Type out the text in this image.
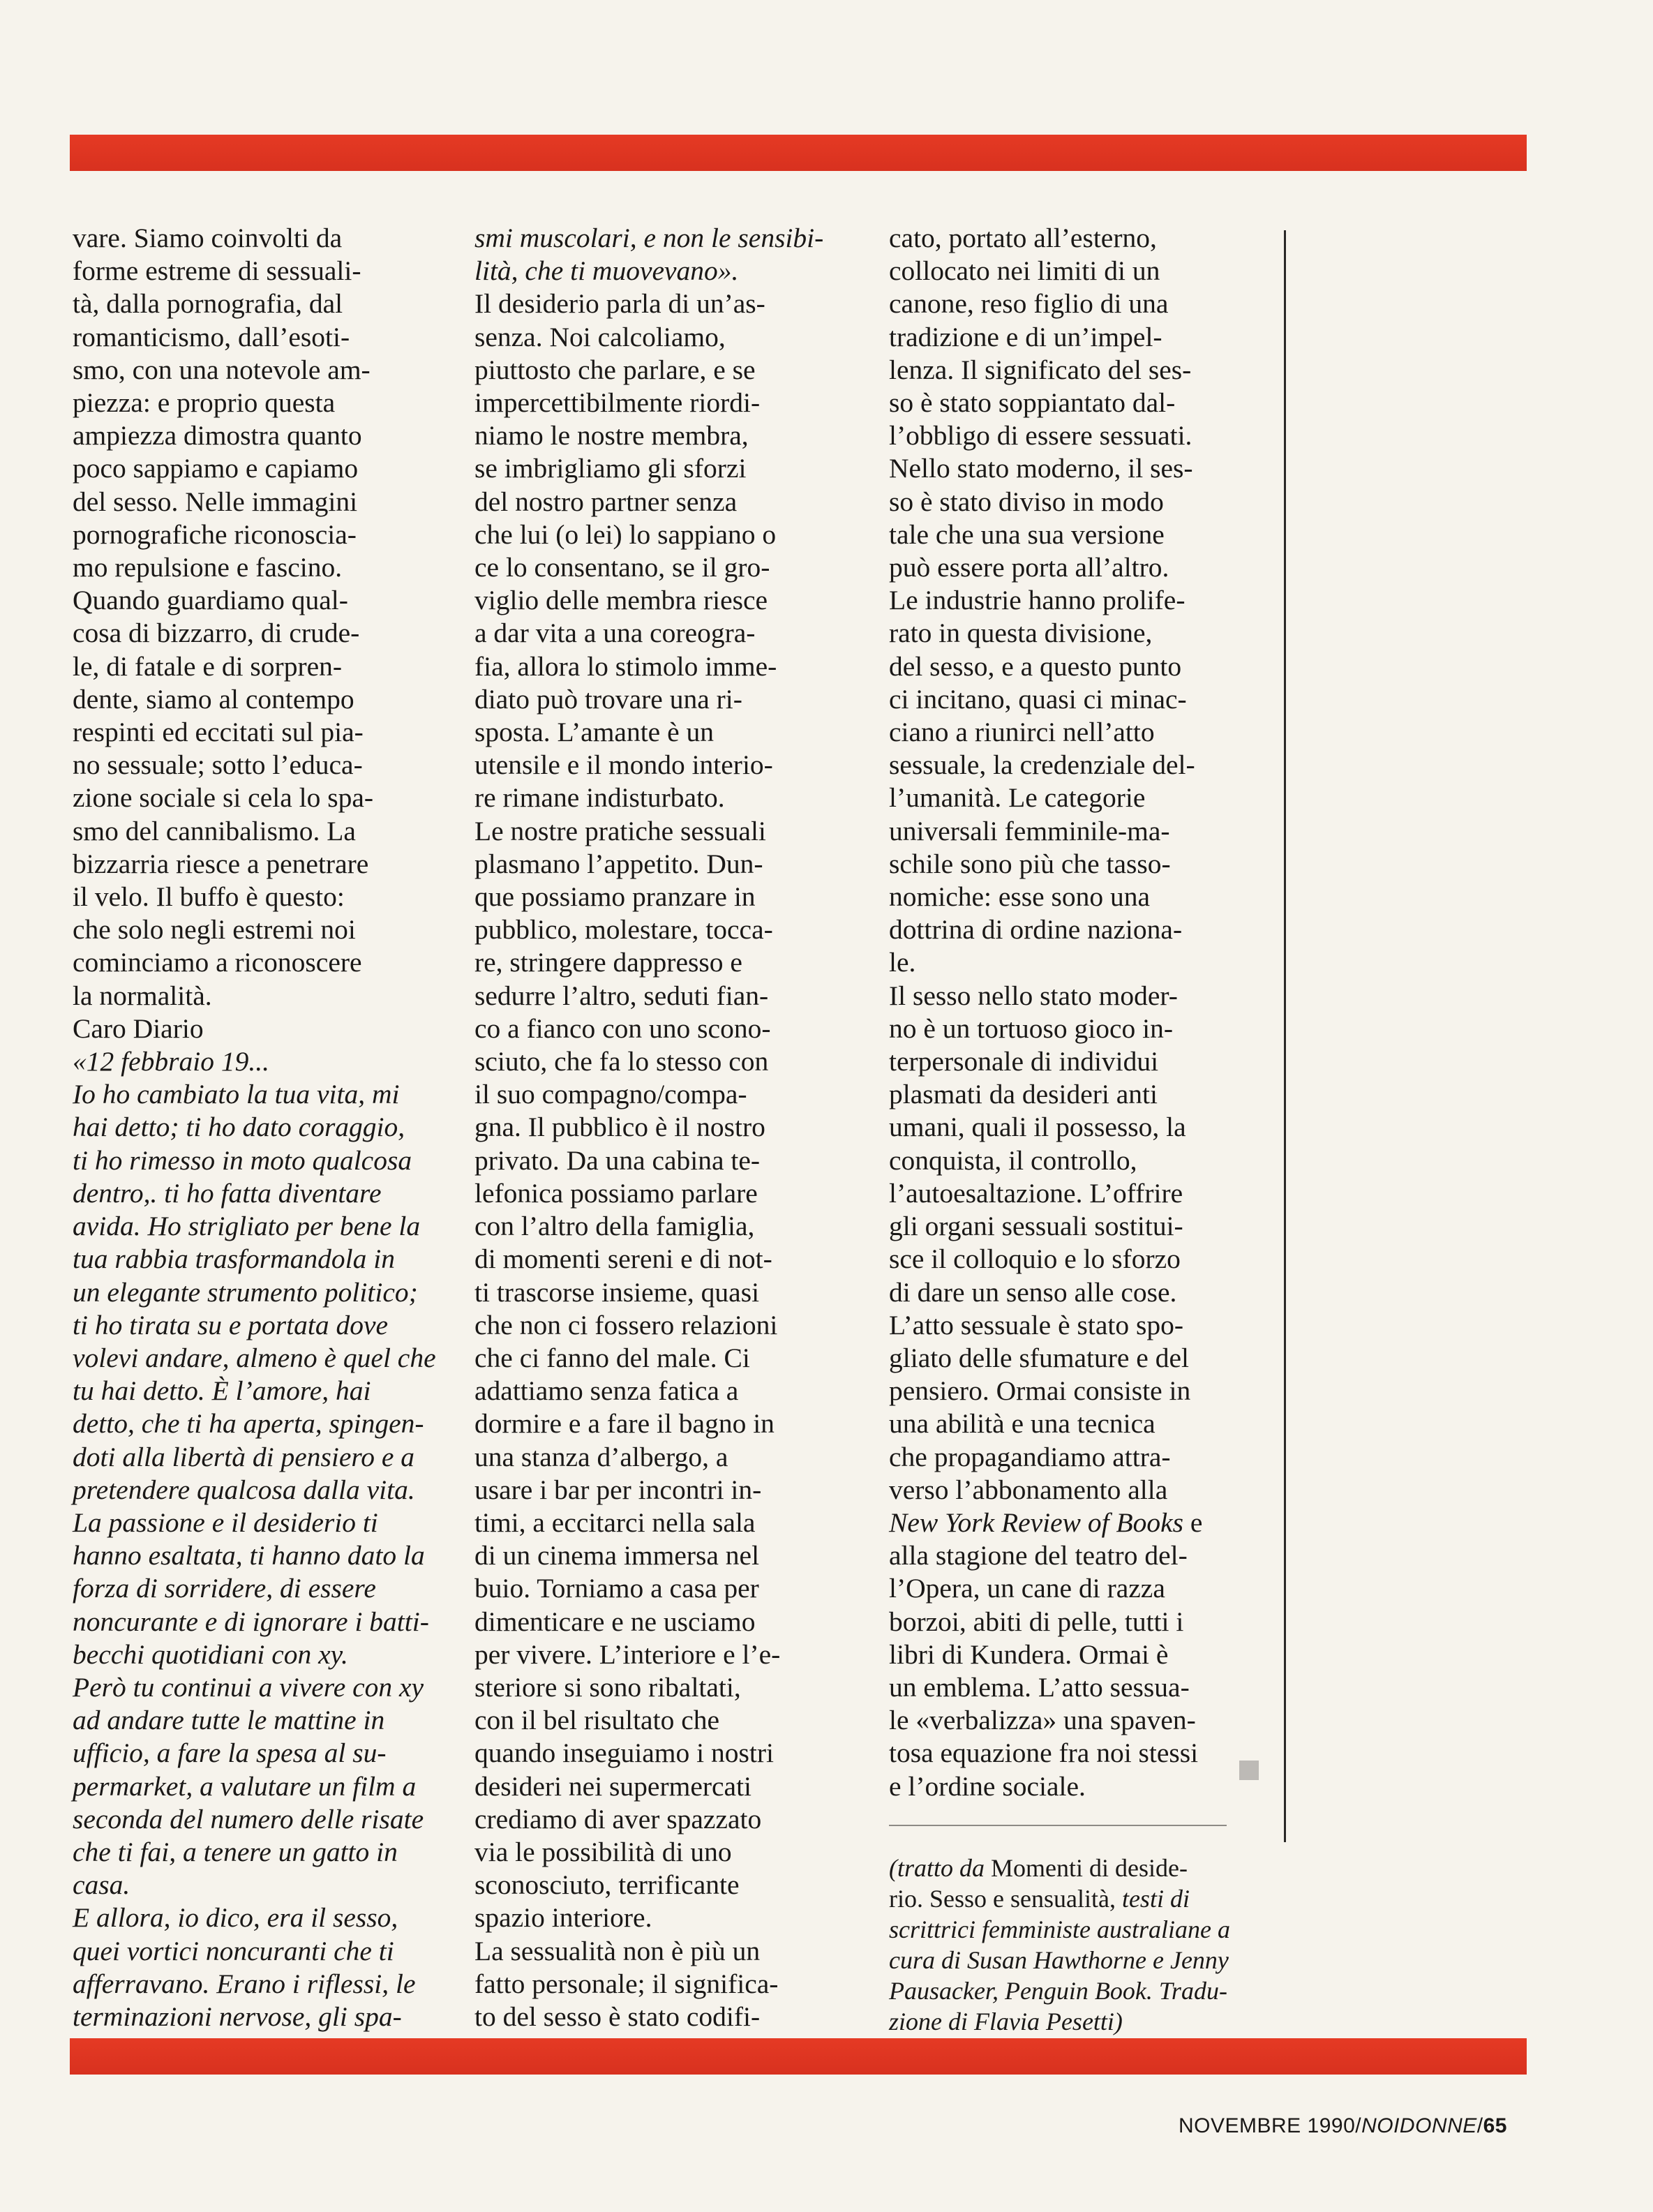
vare. Siamo coinvolti da
forme estreme di sessuali-
tà, dalla pornografia, dal
romanticismo, dall’esoti-
smo, con una notevole am-
piezza: e proprio questa
ampiezza dimostra quanto
poco sappiamo e capiamo
del sesso. Nelle immagini
pornografiche riconoscia-
mo repulsione e fascino.
Quando guardiamo qual-
cosa di bizzarro, di crude-
le, di fatale e di sorpren-
dente, siamo al contempo
respinti ed eccitati sul pia-
no sessuale; sotto l’educa-
zione sociale si cela lo spa-
smo del cannibalismo. La
bizzarria riesce a penetrare
il velo. Il buffo è questo:
che solo negli estremi noi
cominciamo a riconoscere
la normalità.
Caro Diario
«12 febbraio 19...
Io ho cambiato la tua vita, mi
hai detto; ti ho dato coraggio,
ti ho rimesso in moto qualcosa
dentro,. ti ho fatta diventare
avida. Ho strigliato per bene la
tua rabbia trasformandola in
un elegante strumento politico;
ti ho tirata su e portata dove
volevi andare, almeno è quel che
tu hai detto. È l’amore, hai
detto, che ti ha aperta, spingen-
doti alla libertà di pensiero e a
pretendere qualcosa dalla vita.
La passione e il desiderio ti
hanno esaltata, ti hanno dato la
forza di sorridere, di essere
noncurante e di ignorare i batti-
becchi quotidiani con xy.
Però tu continui a vivere con xy
ad andare tutte le mattine in
ufficio, a fare la spesa al su-
permarket, a valutare un film a
seconda del numero delle risate
che ti fai, a tenere un gatto in
casa.
E allora, io dico, era il sesso,
quei vortici noncuranti che ti
afferravano. Erano i riflessi, le
terminazioni nervose, gli spa-
smi muscolari, e non le sensibi-
lità, che ti muovevano».
Il desiderio parla di un’as-
senza. Noi calcoliamo,
piuttosto che parlare, e se
impercettibilmente riordi-
niamo le nostre membra,
se imbrigliamo gli sforzi
del nostro partner senza
che lui (o lei) lo sappiano o
ce lo consentano, se il gro-
viglio delle membra riesce
a dar vita a una coreogra-
fia, allora lo stimolo imme-
diato può trovare una ri-
sposta. L’amante è un
utensile e il mondo interio-
re rimane indisturbato.
Le nostre pratiche sessuali
plasmano l’appetito. Dun-
que possiamo pranzare in
pubblico, molestare, tocca-
re, stringere dappresso e
sedurre l’altro, seduti fian-
co a fianco con uno scono-
sciuto, che fa lo stesso con
il suo compagno/compa-
gna. Il pubblico è il nostro
privato. Da una cabina te-
lefonica possiamo parlare
con l’altro della famiglia,
di momenti sereni e di not-
ti trascorse insieme, quasi
che non ci fossero relazioni
che ci fanno del male. Ci
adattiamo senza fatica a
dormire e a fare il bagno in
una stanza d’albergo, a
usare i bar per incontri in-
timi, a eccitarci nella sala
di un cinema immersa nel
buio. Torniamo a casa per
dimenticare e ne usciamo
per vivere. L’interiore e l’e-
steriore si sono ribaltati,
con il bel risultato che
quando inseguiamo i nostri
desideri nei supermercati
crediamo di aver spazzato
via le possibilità di uno
sconosciuto, terrificante
spazio interiore.
La sessualità non è più un
fatto personale; il significa-
to del sesso è stato codifi-
cato, portato all’esterno,
collocato nei limiti di un
canone, reso figlio di una
tradizione e di un’impel-
lenza. Il significato del ses-
so è stato soppiantato dal-
l’obbligo di essere sessuati.
Nello stato moderno, il ses-
so è stato diviso in modo
tale che una sua versione
può essere porta all’altro.
Le industrie hanno prolife-
rato in questa divisione,
del sesso, e a questo punto
ci incitano, quasi ci minac-
ciano a riunirci nell’atto
sessuale, la credenziale del-
l’umanità. Le categorie
universali femminile-ma-
schile sono più che tasso-
nomiche: esse sono una
dottrina di ordine naziona-
le.
Il sesso nello stato moder-
no è un tortuoso gioco in-
terpersonale di individui
plasmati da desideri anti
umani, quali il possesso, la
conquista, il controllo,
l’autoesaltazione. L’offrire
gli organi sessuali sostitui-
sce il colloquio e lo sforzo
di dare un senso alle cose.
L’atto sessuale è stato spo-
gliato delle sfumature e del
pensiero. Ormai consiste in
una abilità e una tecnica
che propagandiamo attra-
verso l’abbonamento alla
New York Review of Books e
alla stagione del teatro del-
l’Opera, un cane di razza
borzoi, abiti di pelle, tutti i
libri di Kundera. Ormai è
un emblema. L’atto sessua-
le «verbalizza» una spaven-
tosa equazione fra noi stessi
e l’ordine sociale.
(tratto da Momenti di deside-
rio. Sesso e sensualità, testi di
scrittrici femministe australiane a
cura di Susan Hawthorne e Jenny
Pausacker, Penguin Book. Tradu-
zione di Flavia Pesetti)
NOVEMBRE 1990/NOIDONNE/65
